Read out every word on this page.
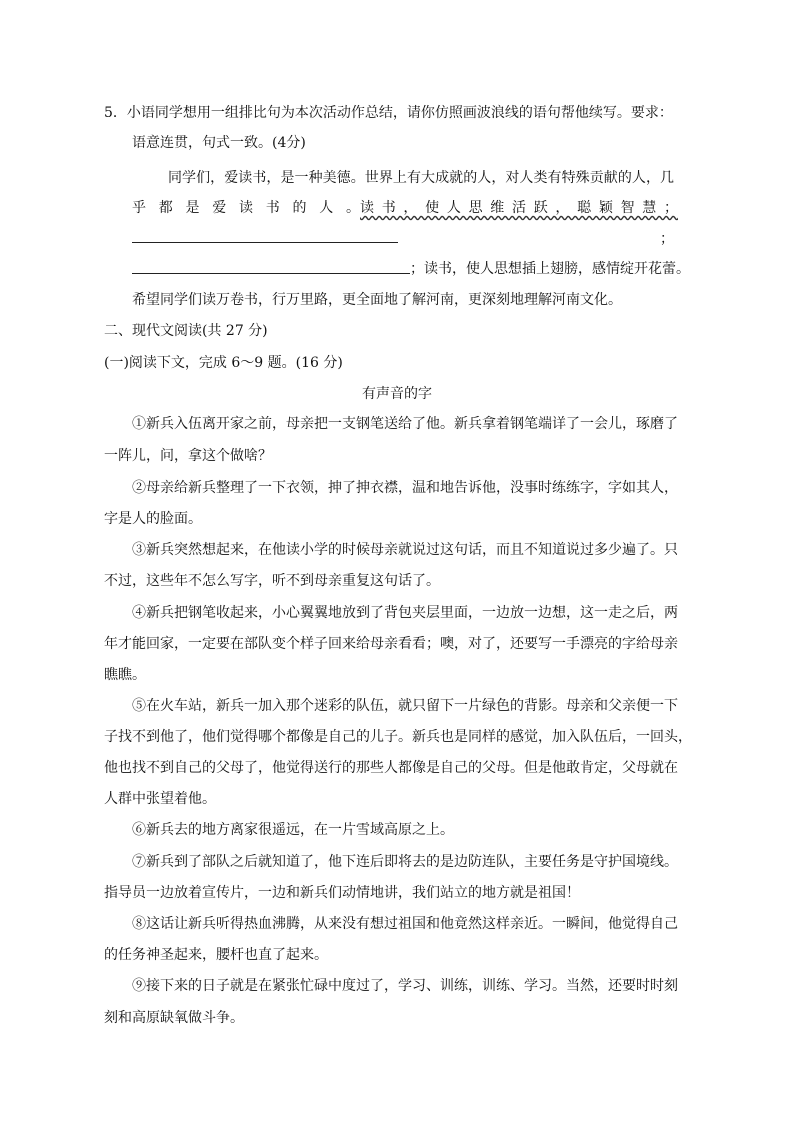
5．小语同学想用一组排比句为本次活动作总结，请你仿照画波浪线的语句帮他续写。要求：
语意连贯，句式一致。(4分)
同学们，爱读书，是一种美德。世界上有大成就的人，对人类有特殊贡献的人，几
乎都是爱读书的人。读书，使人思维活跃，聪颖智慧；
；
；读书，使人思想插上翅膀，感情绽开花蕾。
希望同学们读万卷书，行万里路，更全面地了解河南，更深刻地理解河南文化。
二、现代文阅读(共 27 分)
(一)阅读下文，完成 6～9 题。(16 分)
有声音的字
①新兵入伍离开家之前，母亲把一支钢笔送给了他。新兵拿着钢笔端详了一会儿，琢磨了
一阵儿，问，拿这个做啥？
②母亲给新兵整理了一下衣领，抻了抻衣襟，温和地告诉他，没事时练练字，字如其人，
字是人的脸面。
③新兵突然想起来，在他读小学的时候母亲就说过这句话，而且不知道说过多少遍了。只
不过，这些年不怎么写字，听不到母亲重复这句话了。
④新兵把钢笔收起来，小心翼翼地放到了背包夹层里面，一边放一边想，这一走之后，两
年才能回家，一定要在部队变个样子回来给母亲看看；噢，对了，还要写一手漂亮的字给母亲
瞧瞧。
⑤在火车站，新兵一加入那个迷彩的队伍，就只留下一片绿色的背影。母亲和父亲便一下
子找不到他了，他们觉得哪个都像是自己的儿子。新兵也是同样的感觉，加入队伍后，一回头，
他也找不到自己的父母了，他觉得送行的那些人都像是自己的父母。但是他敢肯定，父母就在
人群中张望着他。
⑥新兵去的地方离家很遥远，在一片雪域高原之上。
⑦新兵到了部队之后就知道了，他下连后即将去的是边防连队，主要任务是守护国境线。
指导员一边放着宣传片，一边和新兵们动情地讲，我们站立的地方就是祖国！
⑧这话让新兵听得热血沸腾，从来没有想过祖国和他竟然这样亲近。一瞬间，他觉得自己
的任务神圣起来，腰杆也直了起来。
⑨接下来的日子就是在紧张忙碌中度过了，学习、训练，训练、学习。当然，还要时时刻
刻和高原缺氧做斗争。
